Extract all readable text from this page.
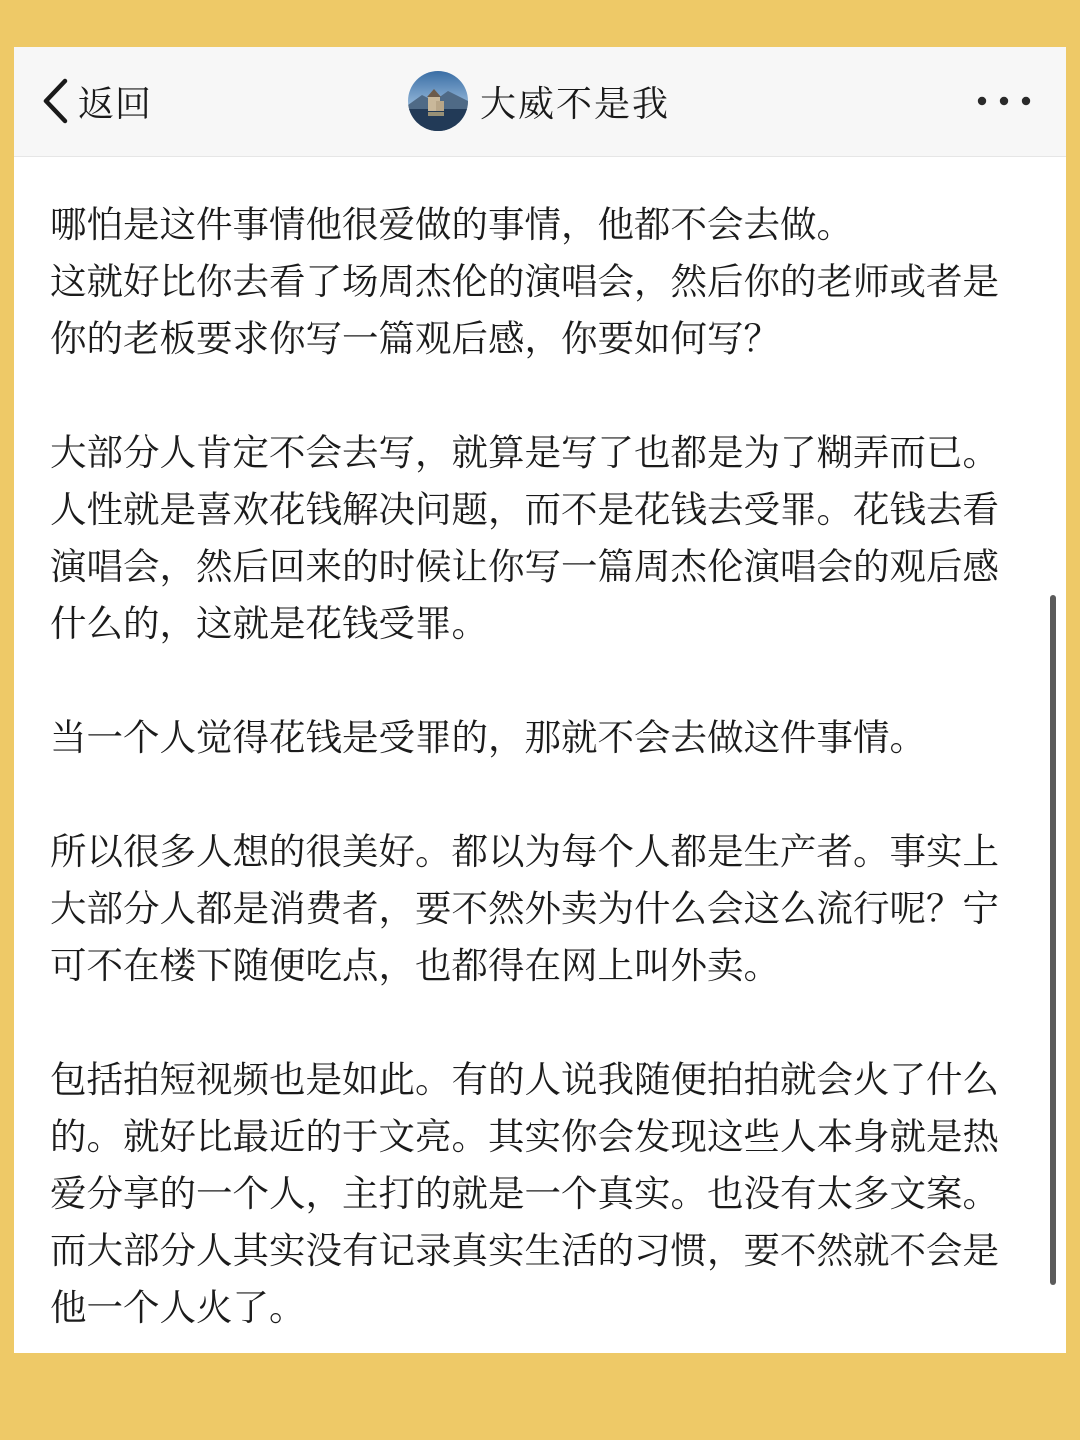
返回	大威不是我

哪怕是这件事情他很爱做的事情，他都不会去做。
这就好比你去看了场周杰伦的演唱会，然后你的老师或者是你的老板要求你写一篇观后感，你要如何写？

大部分人肯定不会去写，就算是写了也都是为了糊弄而已。人性就是喜欢花钱解决问题，而不是花钱去受罪。花钱去看演唱会，然后回来的时候让你写一篇周杰伦演唱会的观后感什么的，这就是花钱受罪。

当一个人觉得花钱是受罪的，那就不会去做这件事情。

所以很多人想的很美好。都以为每个人都是生产者。事实上大部分人都是消费者，要不然外卖为什么会这么流行呢？宁可不在楼下随便吃点，也都得在网上叫外卖。

包括拍短视频也是如此。有的人说我随便拍拍就会火了什么的。就好比最近的于文亮。其实你会发现这些人本身就是热爱分享的一个人，主打的就是一个真实。也没有太多文案。而大部分人其实没有记录真实生活的习惯，要不然就不会是他一个人火了。
